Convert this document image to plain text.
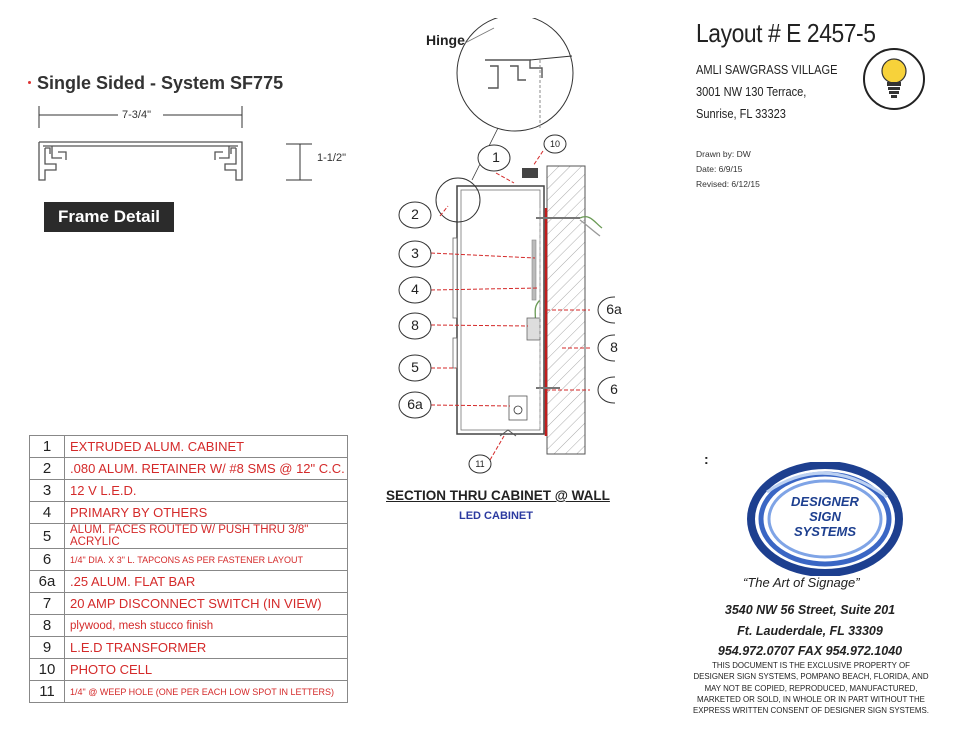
Single Sided - System SF775
7-3/4"
1-1/2"
Frame Detail
Layout # E 2457-5
AMLI SAWGRASS VILLAGE
3001 NW 130 Terrace,
Sunrise, FL 33323
Drawn by: DW
Date: 6/9/15
Revised: 6/12/15
Hinge
1
2
3
4
8
5
6a
6a
8
6
10
11
SECTION THRU CABINET @ WALL
LED CABINET
1	EXTRUDED ALUM. CABINET
2	.080 ALUM. RETAINER W/ #8 SMS @ 12" C.C.
3	12 V L.E.D.
4	PRIMARY BY OTHERS
5	ALUM. FACES ROUTED W/ PUSH THRU 3/8" ACRYLIC
6	1/4" DIA. X 3" L. TAPCONS AS PER FASTENER LAYOUT
6a	.25 ALUM. FLAT BAR
7	20 AMP DISCONNECT SWITCH (IN VIEW)
8	plywood, mesh stucco finish
9	L.E.D TRANSFORMER
10	PHOTO CELL
11	1/4" @ WEEP HOLE (ONE PER EACH LOW SPOT IN LETTERS)
:
DESIGNER
SIGN
SYSTEMS
“The Art of Signage”
3540 NW 56 Street, Suite 201
Ft. Lauderdale, FL 33309
954.972.0707 FAX 954.972.1040
THIS DOCUMENT IS THE EXCLUSIVE PROPERTY OF DESIGNER SIGN SYSTEMS, POMPANO BEACH, FLORIDA, AND MAY NOT BE COPIED, REPRODUCED, MANUFACTURED, MARKETED OR SOLD, IN WHOLE OR IN PART WITHOUT THE EXPRESS WRITTEN CONSENT OF DESIGNER SIGN SYSTEMS.
